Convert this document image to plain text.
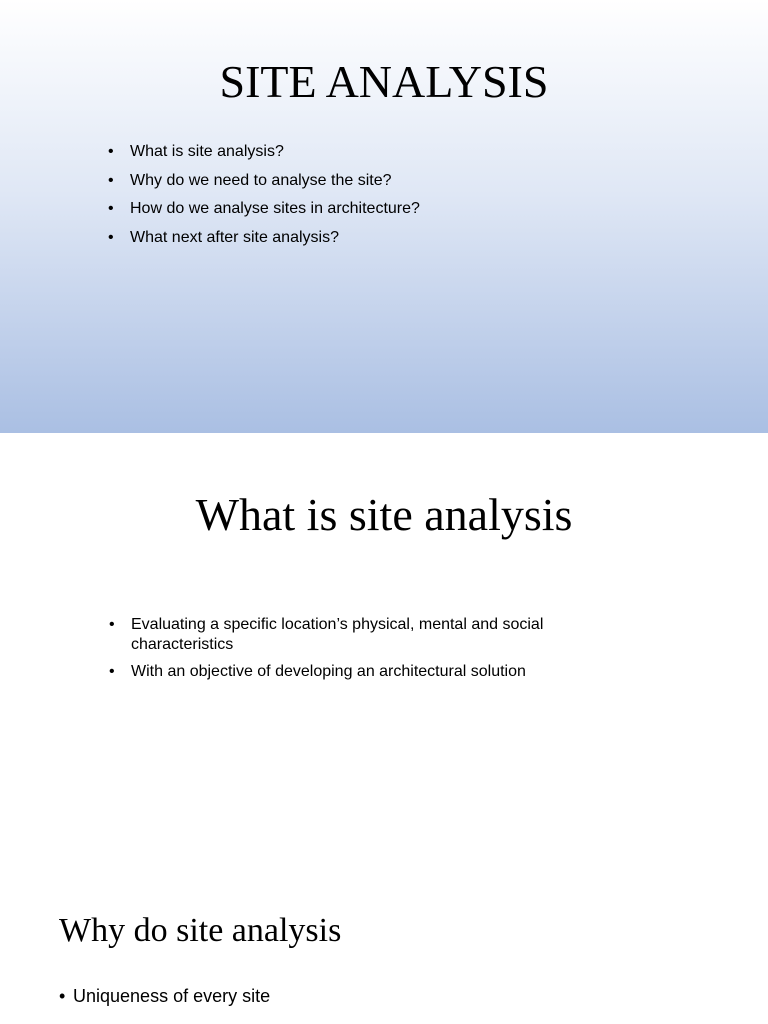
SITE ANALYSIS
• What is site analysis?
• Why do we need to analyse the site?
• How do we analyse sites in architecture?
• What next after site analysis?
What is site analysis
• Evaluating a specific location’s physical, mental and social characteristics
• With an objective of developing an architectural solution
Why do site analysis
• Uniqueness of every site
